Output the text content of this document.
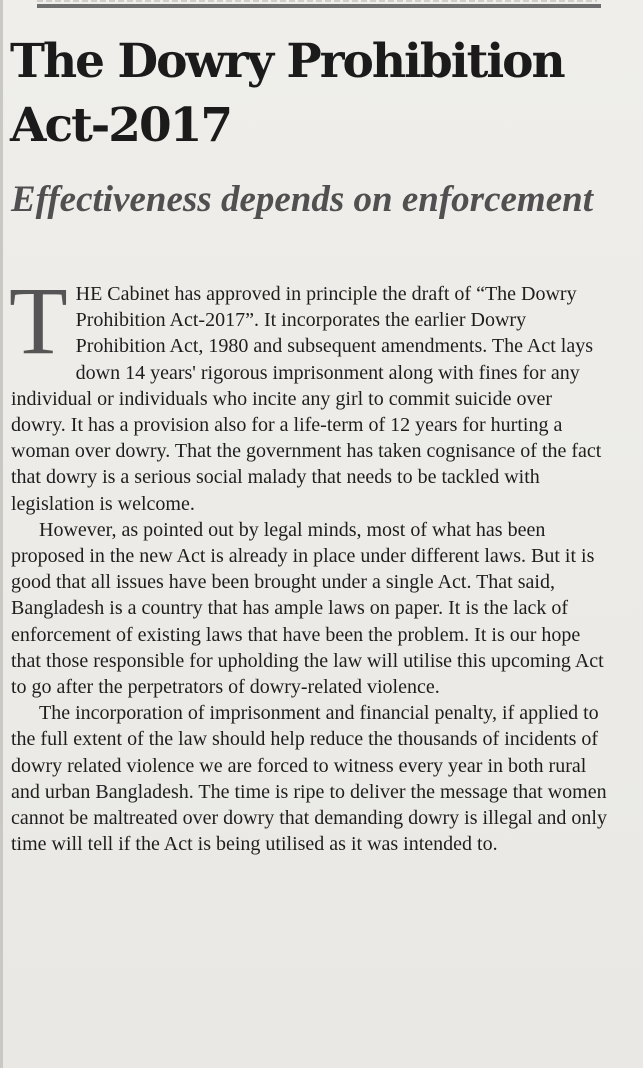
The Dowry Prohibition Act-2017
Effectiveness depends on enforcement

THE Cabinet has approved in principle the draft of “The Dowry Prohibition Act-2017”. It incorporates the earlier Dowry Prohibition Act, 1980 and subsequent amendments. The Act lays down 14 years' rigorous imprisonment along with fines for any individual or individuals who incite any girl to commit suicide over dowry. It has a provision also for a life-term of 12 years for hurting a woman over dowry. That the government has taken cognisance of the fact that dowry is a serious social malady that needs to be tackled with legislation is welcome.

However, as pointed out by legal minds, most of what has been proposed in the new Act is already in place under different laws. But it is good that all issues have been brought under a single Act. That said, Bangladesh is a country that has ample laws on paper. It is the lack of enforcement of existing laws that have been the problem. It is our hope that those responsible for upholding the law will utilise this upcoming Act to go after the perpetrators of dowry-related violence.

The incorporation of imprisonment and financial penalty, if applied to the full extent of the law should help reduce the thousands of incidents of dowry related violence we are forced to witness every year in both rural and urban Bangladesh. The time is ripe to deliver the message that women cannot be maltreated over dowry that demanding dowry is illegal and only time will tell if the Act is being utilised as it was intended to.
